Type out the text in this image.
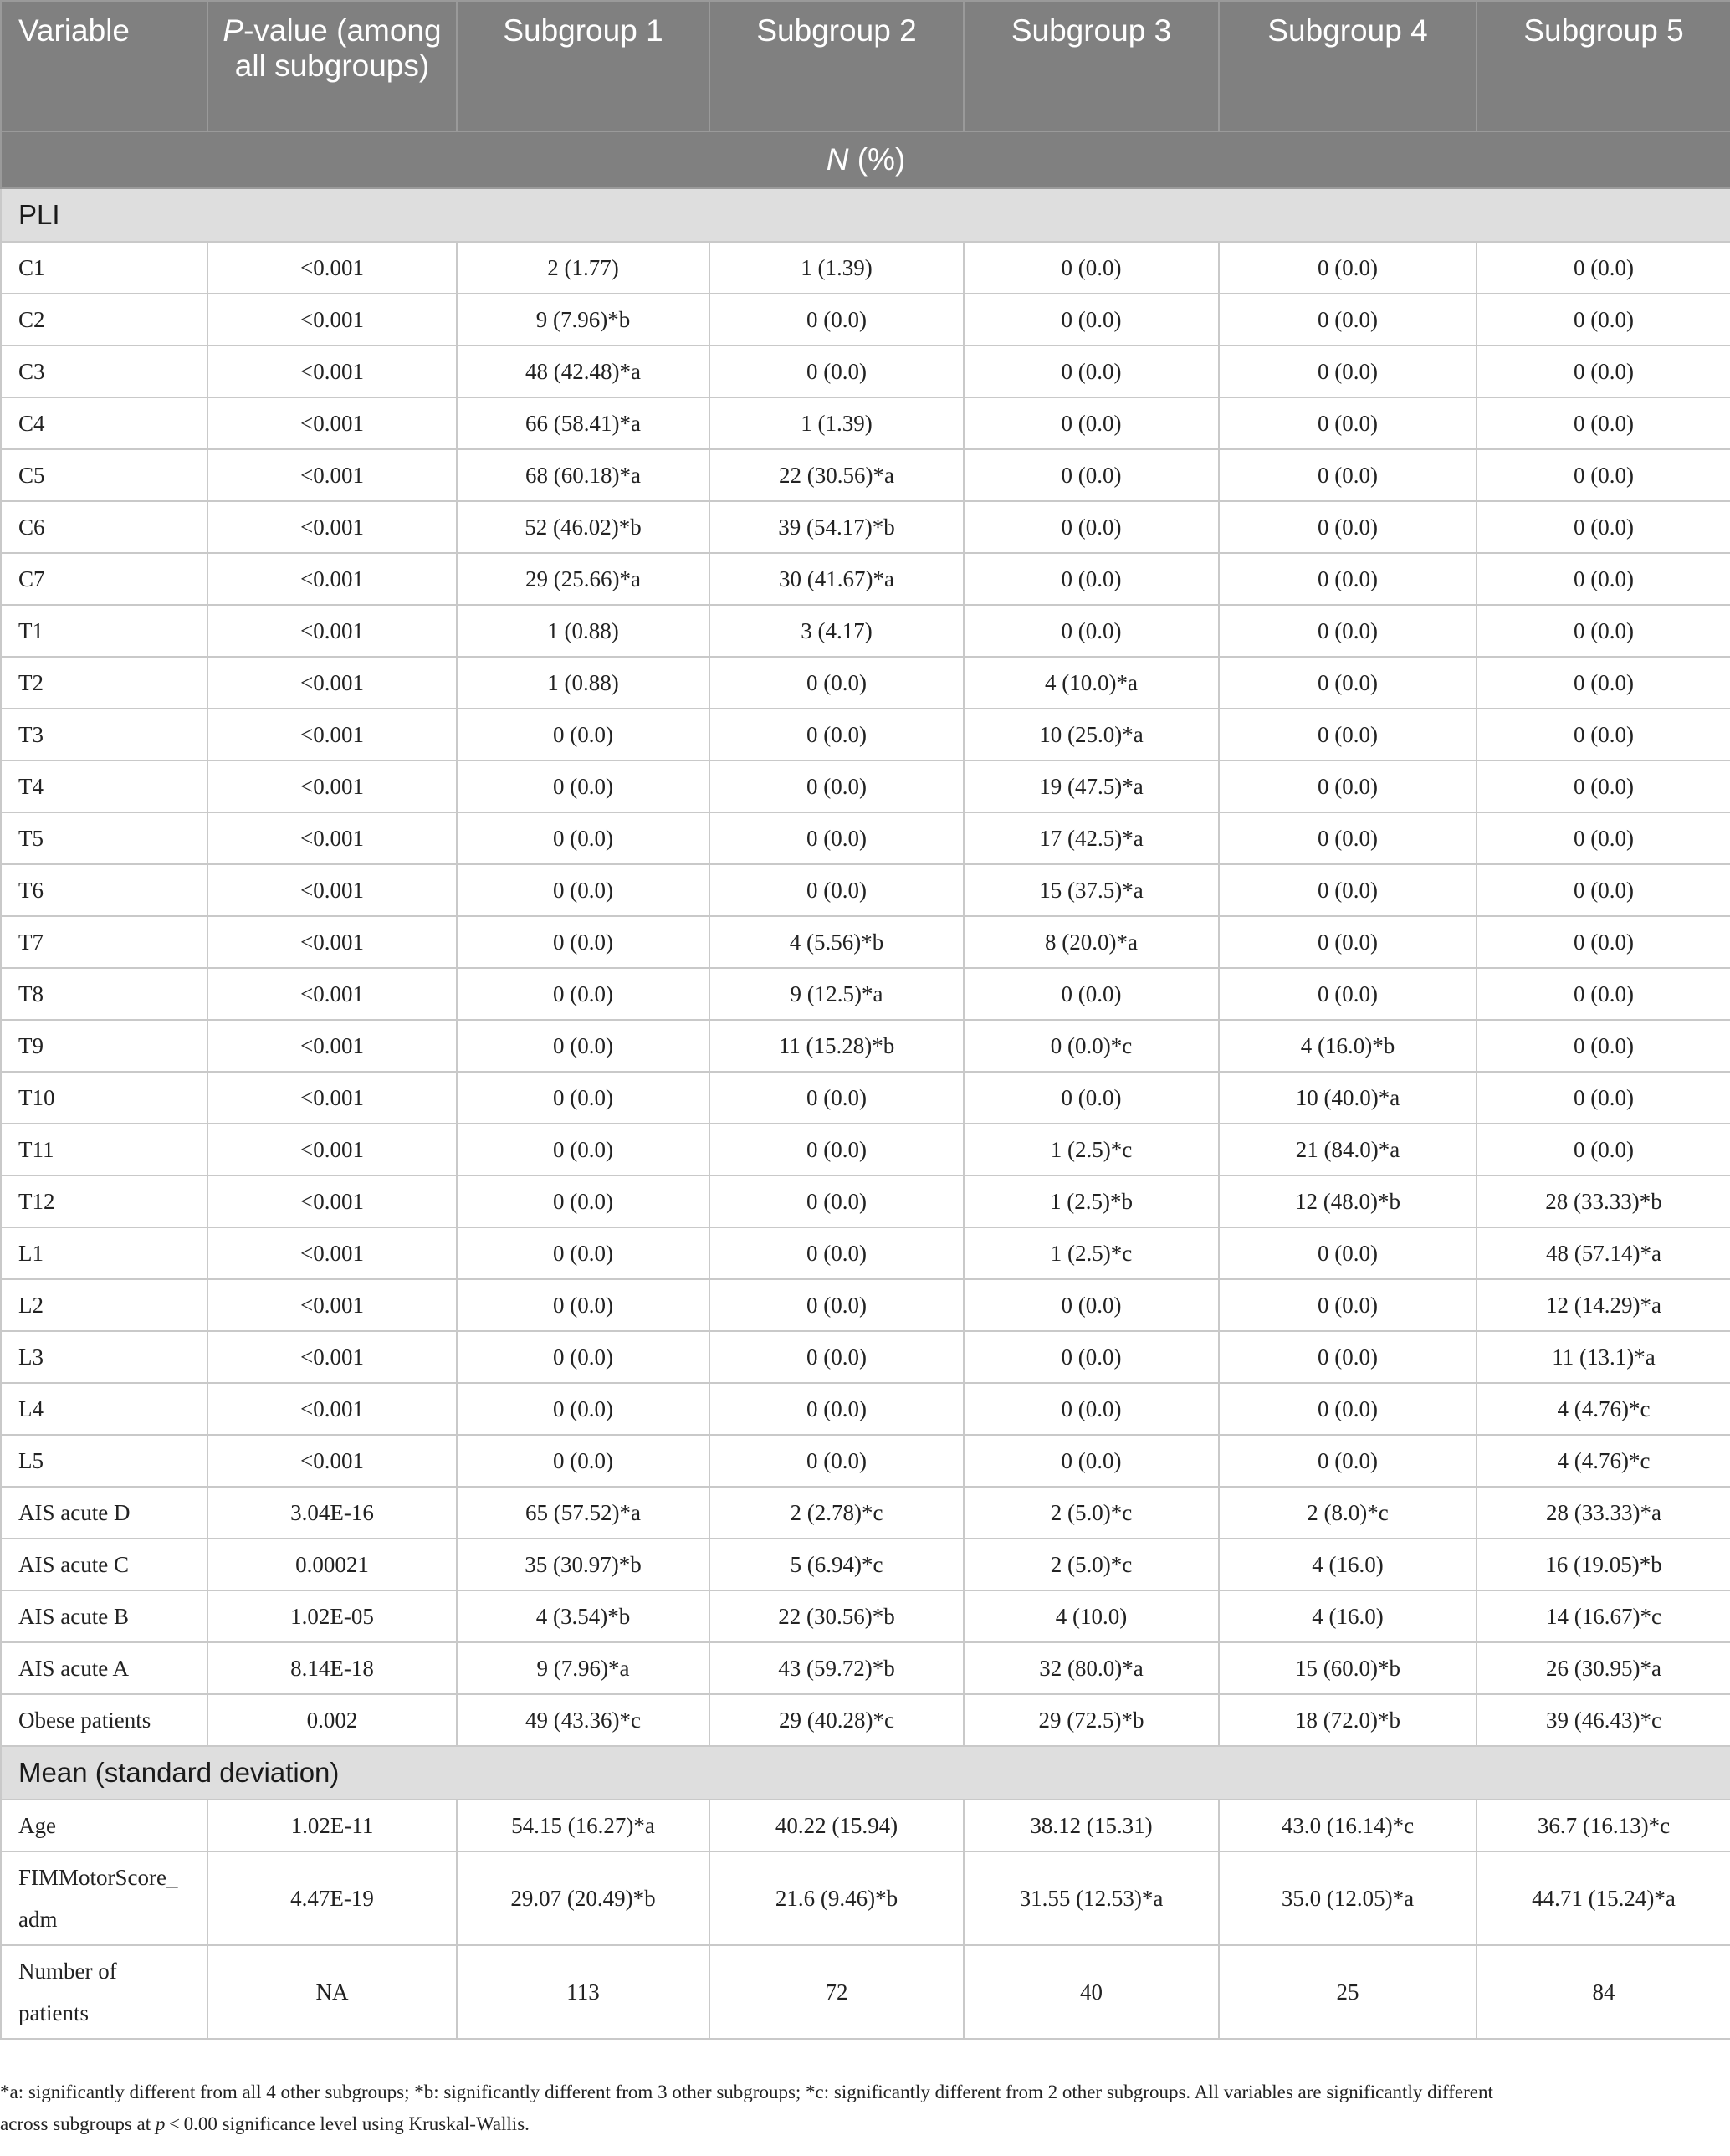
Variable	P-value (among all subgroups)	Subgroup 1	Subgroup 2	Subgroup 3	Subgroup 4	Subgroup 5
N (%)						
PLI						
C1	<0.001	2 (1.77)	1 (1.39)	0 (0.0)	0 (0.0)	0 (0.0)
C2	<0.001	9 (7.96)*b	0 (0.0)	0 (0.0)	0 (0.0)	0 (0.0)
C3	<0.001	48 (42.48)*a	0 (0.0)	0 (0.0)	0 (0.0)	0 (0.0)
C4	<0.001	66 (58.41)*a	1 (1.39)	0 (0.0)	0 (0.0)	0 (0.0)
C5	<0.001	68 (60.18)*a	22 (30.56)*a	0 (0.0)	0 (0.0)	0 (0.0)
C6	<0.001	52 (46.02)*b	39 (54.17)*b	0 (0.0)	0 (0.0)	0 (0.0)
C7	<0.001	29 (25.66)*a	30 (41.67)*a	0 (0.0)	0 (0.0)	0 (0.0)
T1	<0.001	1 (0.88)	3 (4.17)	0 (0.0)	0 (0.0)	0 (0.0)
T2	<0.001	1 (0.88)	0 (0.0)	4 (10.0)*a	0 (0.0)	0 (0.0)
T3	<0.001	0 (0.0)	0 (0.0)	10 (25.0)*a	0 (0.0)	0 (0.0)
T4	<0.001	0 (0.0)	0 (0.0)	19 (47.5)*a	0 (0.0)	0 (0.0)
T5	<0.001	0 (0.0)	0 (0.0)	17 (42.5)*a	0 (0.0)	0 (0.0)
T6	<0.001	0 (0.0)	0 (0.0)	15 (37.5)*a	0 (0.0)	0 (0.0)
T7	<0.001	0 (0.0)	4 (5.56)*b	8 (20.0)*a	0 (0.0)	0 (0.0)
T8	<0.001	0 (0.0)	9 (12.5)*a	0 (0.0)	0 (0.0)	0 (0.0)
T9	<0.001	0 (0.0)	11 (15.28)*b	0 (0.0)*c	4 (16.0)*b	0 (0.0)
T10	<0.001	0 (0.0)	0 (0.0)	0 (0.0)	10 (40.0)*a	0 (0.0)
T11	<0.001	0 (0.0)	0 (0.0)	1 (2.5)*c	21 (84.0)*a	0 (0.0)
T12	<0.001	0 (0.0)	0 (0.0)	1 (2.5)*b	12 (48.0)*b	28 (33.33)*b
L1	<0.001	0 (0.0)	0 (0.0)	1 (2.5)*c	0 (0.0)	48 (57.14)*a
L2	<0.001	0 (0.0)	0 (0.0)	0 (0.0)	0 (0.0)	12 (14.29)*a
L3	<0.001	0 (0.0)	0 (0.0)	0 (0.0)	0 (0.0)	11 (13.1)*a
L4	<0.001	0 (0.0)	0 (0.0)	0 (0.0)	0 (0.0)	4 (4.76)*c
L5	<0.001	0 (0.0)	0 (0.0)	0 (0.0)	0 (0.0)	4 (4.76)*c
AIS acute D	3.04E-16	65 (57.52)*a	2 (2.78)*c	2 (5.0)*c	2 (8.0)*c	28 (33.33)*a
AIS acute C	0.00021	35 (30.97)*b	5 (6.94)*c	2 (5.0)*c	4 (16.0)	16 (19.05)*b
AIS acute B	1.02E-05	4 (3.54)*b	22 (30.56)*b	4 (10.0)	4 (16.0)	14 (16.67)*c
AIS acute A	8.14E-18	9 (7.96)*a	43 (59.72)*b	32 (80.0)*a	15 (60.0)*b	26 (30.95)*a
Obese patients	0.002	49 (43.36)*c	29 (40.28)*c	29 (72.5)*b	18 (72.0)*b	39 (46.43)*c
Mean (standard deviation)						
Age	1.02E-11	54.15 (16.27)*a	40.22 (15.94)	38.12 (15.31)	43.0 (16.14)*c	36.7 (16.13)*c
FIMMotorScore_ adm	4.47E-19	29.07 (20.49)*b	21.6 (9.46)*b	31.55 (12.53)*a	35.0 (12.05)*a	44.71 (15.24)*a
Number of patients	NA	113	72	40	25	84
*a: significantly different from all 4 other subgroups; *b: significantly different from 3 other subgroups; *c: significantly different from 2 other subgroups. All variables are significantly different
across subgroups at p < 0.00 significance level using Kruskal-Wallis.
